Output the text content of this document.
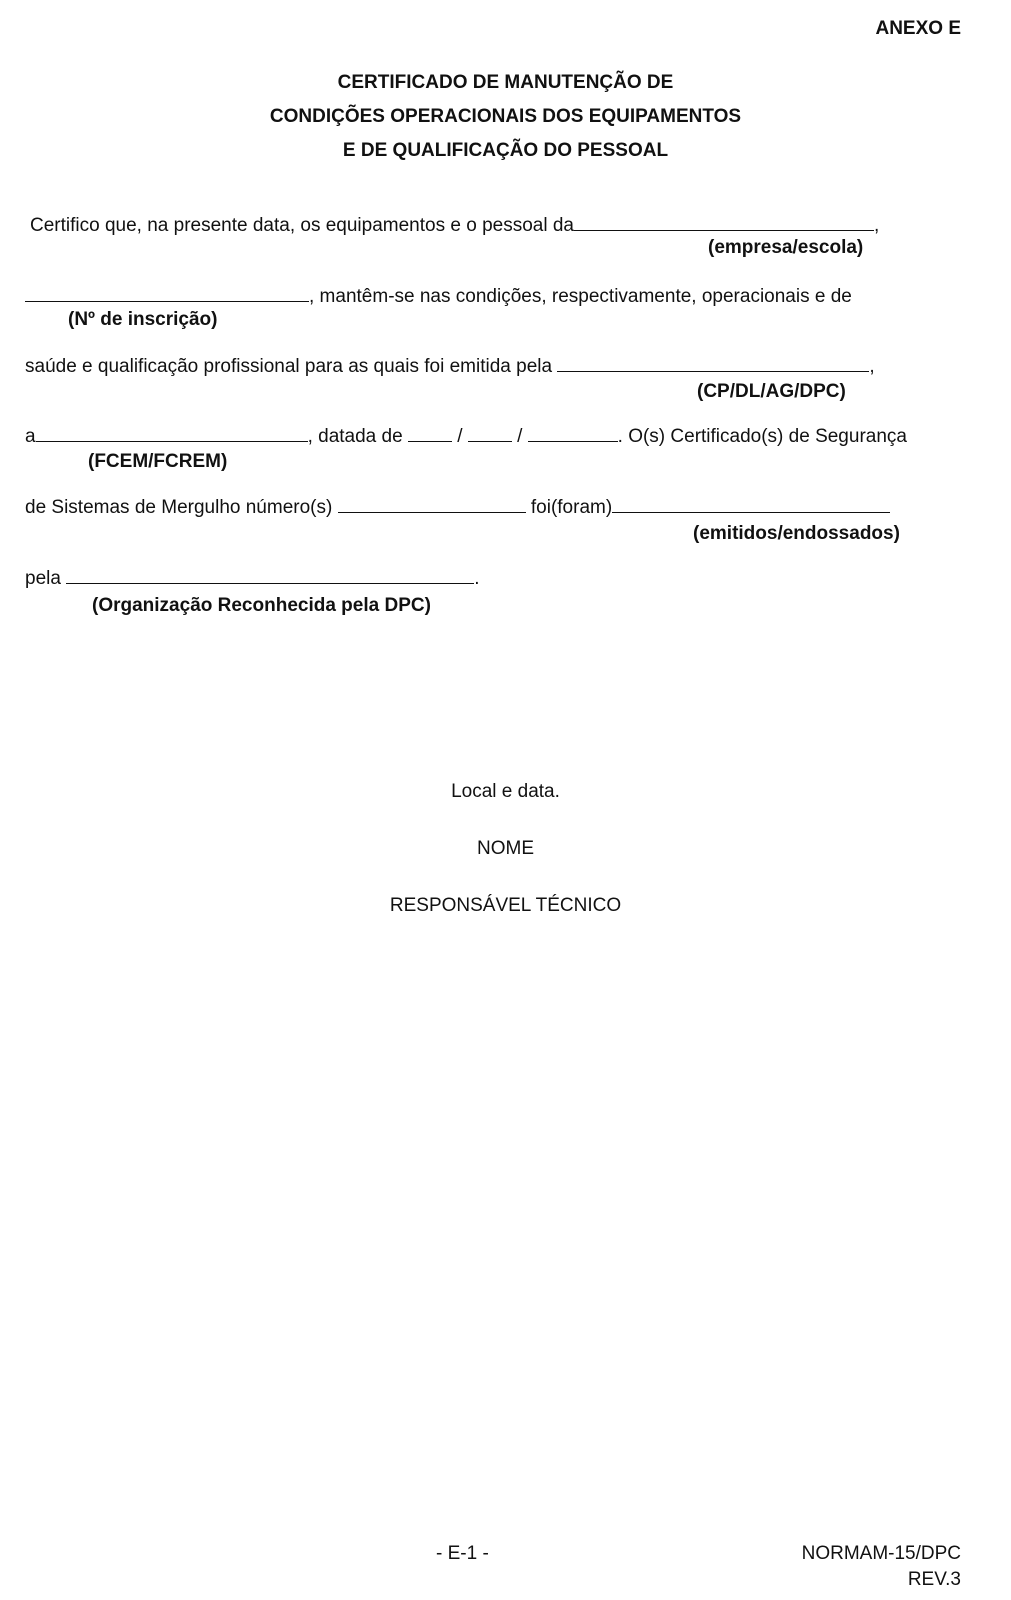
ANEXO E
CERTIFICADO DE MANUTENÇÃO DE
CONDIÇÕES OPERACIONAIS DOS EQUIPAMENTOS
E DE QUALIFICAÇÃO DO PESSOAL
Certifico que, na presente data, os equipamentos e o pessoal da	,
(empresa/escola)
, mantêm-se nas condições, respectivamente, operacionais e de
(Nº de inscrição)
saúde e qualificação profissional para as quais foi emitida pela	,
(CP/DL/AG/DPC)
a	, datada de	/	/	. O(s) Certificado(s) de Segurança
(FCEM/FCREM)
de Sistemas de Mergulho número(s)	foi(foram)
(emitidos/endossados)
pela	.
(Organização Reconhecida pela DPC)
Local e data.
NOME
RESPONSÁVEL TÉCNICO
- E-1 -	NORMAM-15/DPC
REV.3
